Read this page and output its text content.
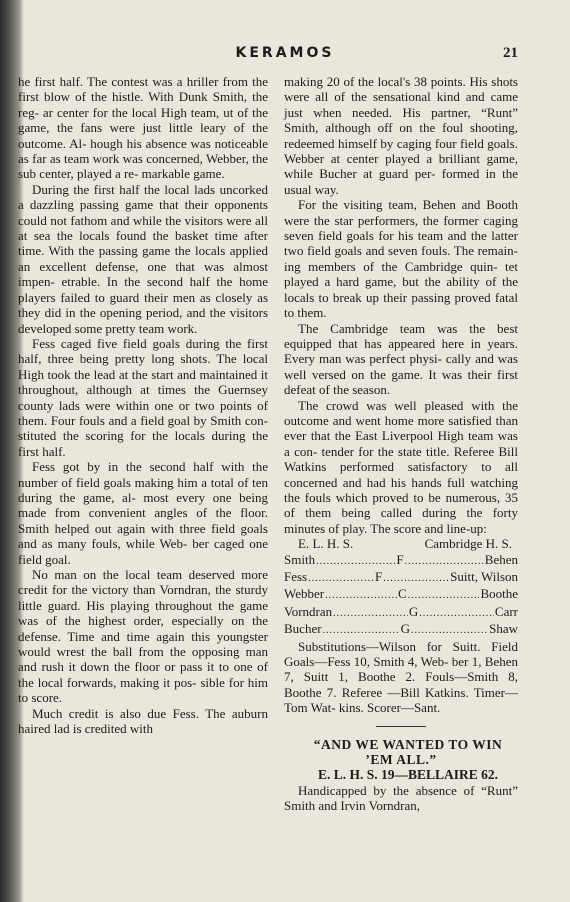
KERAMOS	21

he first half. The contest was a hriller from the first blow of the histle. With Dunk Smith, the reg- ar center for the local High team, ut of the game, the fans were just little leary of the outcome. Al- hough his absence was noticeable as far as team work was concerned, Webber, the sub center, played a re- markable game.

During the first half the local lads uncorked a dazzling passing game that their opponents could not fathom and while the visitors were all at sea the locals found the basket time after time. With the passing game the locals applied an excellent defense, one that was almost impen- etrable. In the second half the home players failed to guard their men as closely as they did in the opening period, and the visitors developed some pretty team work.

Fess caged five field goals during the first half, three being pretty long shots. The local High took the lead at the start and maintained it throughout, although at times the Guernsey county lads were within one or two points of them. Four fouls and a field goal by Smith con- stituted the scoring for the locals during the first half.

Fess got by in the second half with the number of field goals making him a total of ten during the game, al- most every one being made from convenient angles of the floor. Smith helped out again with three field goals and as many fouls, while Web- ber caged one field goal.

No man on the local team deserved more credit for the victory than Vorndran, the sturdy little guard. His playing throughout the game was of the highest order, especially on the defense. Time and time again this youngster would wrest the ball from the opposing man and rush it down the floor or pass it to one of the local forwards, making it pos- sible for him to score.

Much credit is also due Fess. The auburn haired lad is credited with

making 20 of the local's 38 points. His shots were all of the sensational kind and came just when needed. His partner, “Runt” Smith, although off on the foul shooting, redeemed himself by caging four field goals. Webber at center played a brilliant game, while Bucher at guard per- formed in the usual way.

For the visiting team, Behen and Booth were the star performers, the former caging seven field goals for his team and the latter two field goals and seven fouls. The remain- ing members of the Cambridge quin- tet played a hard game, but the ability of the locals to break up their passing proved fatal to them.

The Cambridge team was the best equipped that has appeared here in years. Every man was perfect physi- cally and was well versed on the game. It was their first defeat of the season.

The crowd was well pleased with the outcome and went home more satisfied than ever that the East Liverpool High team was a con- tender for the state title. Referee Bill Watkins performed satisfactory to all concerned and had his hands full watching the fouls which proved to be numerous, 35 of them being called during the forty minutes of play. The score and line-up:

E. L. H. S.	Cambridge H. S.
Smith .....	F .....	Behen
Fess .....	F .....	Suitt, Wilson
Webber .....	C .....	Boothe
Vorndran .....	G .....	Carr
Bucher .....	G .....	Shaw

Substitutions—Wilson for Suitt. Field Goals—Fess 10, Smith 4, Web- ber 1, Behen 7, Suitt 1, Boothe 2. Fouls—Smith 8, Boothe 7. Referee —Bill Katkins. Timer—Tom Wat- kins. Scorer—Sant.

“AND WE WANTED TO WIN ’EM ALL.”

E. L. H. S. 19—BELLAIRE 62.

Handicapped by the absence of “Runt” Smith and Irvin Vorndran,
